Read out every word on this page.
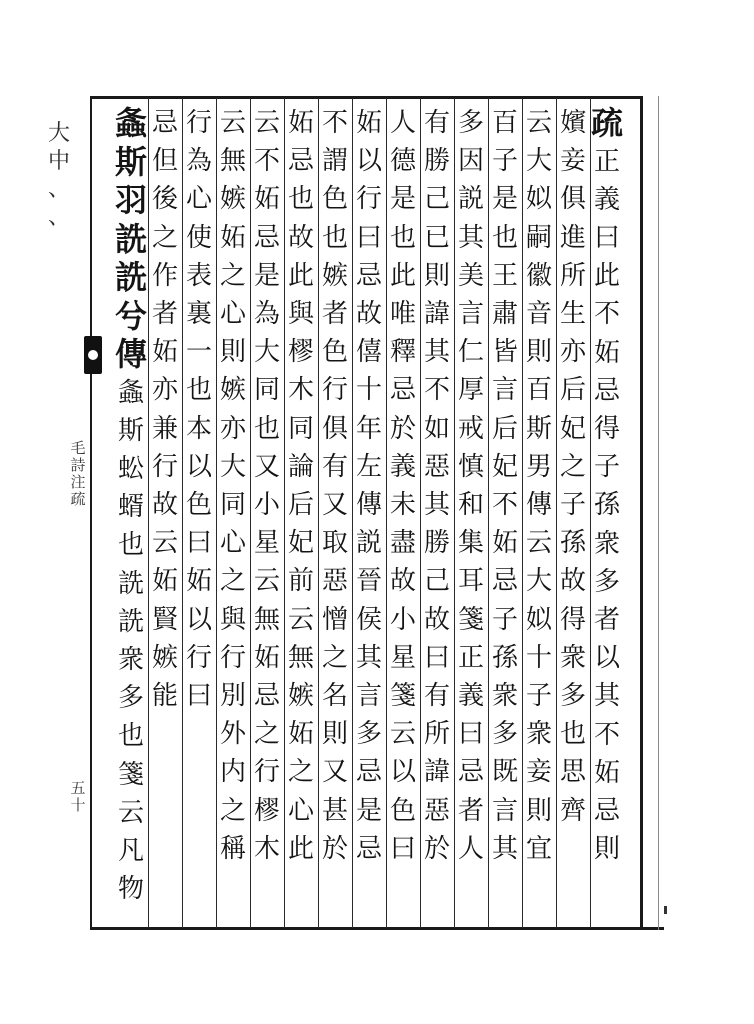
大 中 、 、
毛
詩
注
疏
五
十
疏
正
義
曰
此
不
妬
忌
得
子
孫
衆
多
者
以
其
不
妬
忌
則
嬪
妾
俱
進
所
生
亦
后
妃
之
子
孫
故
得
衆
多
也
思
齊
云
大
姒
嗣
徽
音
則
百
斯
男
傳
云
大
姒
十
子
衆
妾
則
宜
百
子
是
也
王
肅
皆
言
后
妃
不
妬
忌
子
孫
衆
多
既
言
其
多
因
説
其
美
言
仁
厚
戒
慎
和
集
耳
箋
正
義
曰
忌
者
人
有
勝
己
已
則
諱
其
不
如
惡
其
勝
己
故
曰
有
所
諱
惡
於
人
德
是
也
此
唯
釋
忌
於
義
未
盡
故
小
星
箋
云
以
色
曰
妬
以
行
曰
忌
故
僖
十
年
左
傳
説
晉
侯
其
言
多
忌
是
忌
不
謂
色
也
嫉
者
色
行
俱
有
又
取
惡
憎
之
名
則
又
甚
於
妬
忌
也
故
此
與
樛
木
同
論
后
妃
前
云
無
嫉
妬
之
心
此
云
不
妬
忌
是
為
大
同
也
又
小
星
云
無
妬
忌
之
行
樛
木
云
無
嫉
妬
之
心
則
嫉
亦
大
同
心
之
與
行
別
外
内
之
稱
行
為
心
使
表
裏
一
也
本
以
色
曰
妬
以
行
曰
忌
但
後
之
作
者
妬
亦
兼
行
故
云
妬
賢
嫉
能
螽
斯
羽
詵
詵
兮
傳
螽
斯
蚣
蝑
也
詵
詵
衆
多
也
箋
云
凡
物
